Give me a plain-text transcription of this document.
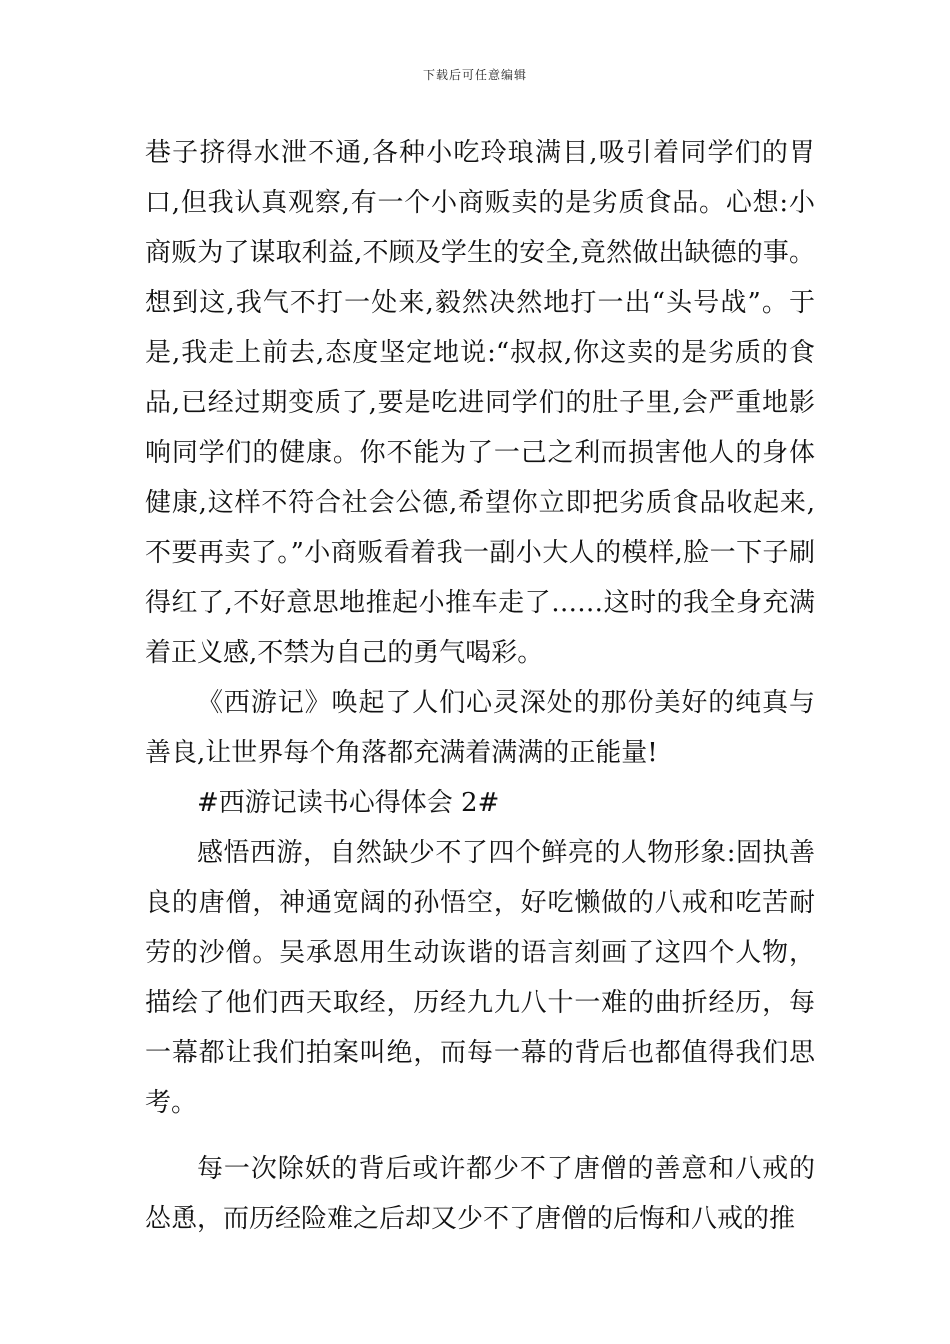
下载后可任意编辑

巷子挤得水泄不通,各种小吃玲琅满目,吸引着同学们的胃口,但我认真观察,有一个小商贩卖的是劣质食品。心想:小商贩为了谋取利益,不顾及学生的安全,竟然做出缺德的事。想到这,我气不打一处来,毅然决然地打一出“头号战”。于是,我走上前去,态度坚定地说:“叔叔,你这卖的是劣质的食品,已经过期变质了,要是吃进同学们的肚子里,会严重地影响同学们的健康。你不能为了一己之利而损害他人的身体健康,这样不符合社会公德,希望你立即把劣质食品收起来,不要再卖了。”小商贩看着我一副小大人的模样,脸一下子刷得红了,不好意思地推起小推车走了……这时的我全身充满着正义感,不禁为自己的勇气喝彩。

《西游记》唤起了人们心灵深处的那份美好的纯真与善良,让世界每个角落都充满着满满的正能量!

#西游记读书心得体会 2#

感悟西游，自然缺少不了四个鲜亮的人物形象:固执善良的唐僧，神通宽阔的孙悟空，好吃懒做的八戒和吃苦耐劳的沙僧。吴承恩用生动诙谐的语言刻画了这四个人物，描绘了他们西天取经，历经九九八十一难的曲折经历，每一幕都让我们拍案叫绝，而每一幕的背后也都值得我们思考。

每一次除妖的背后或许都少不了唐僧的善意和八戒的怂恿，而历经险难之后却又少不了唐僧的后悔和八戒的推
